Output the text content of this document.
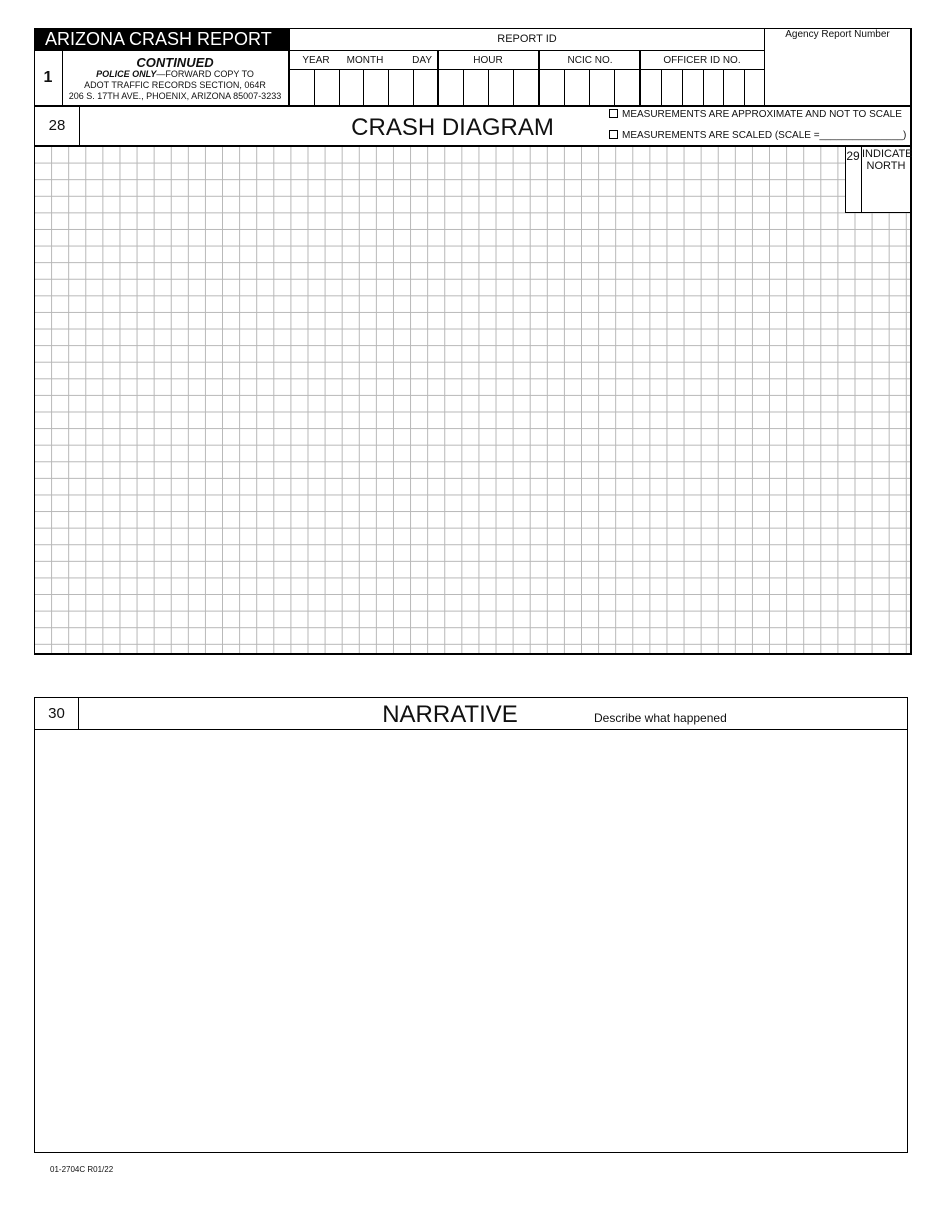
ARIZONA CRASH REPORT
1
CONTINUED
POLICE ONLY—FORWARD COPY TO
ADOT TRAFFIC RECORDS SECTION, 064R
206 S. 17TH AVE., PHOENIX, ARIZONA 85007-3233
REPORT ID	Agency Report Number
YEAR	MONTH	DAY	HOUR	NCIC NO.	OFFICER ID NO.
28	CRASH DIAGRAM	MEASUREMENTS ARE APPROXIMATE AND NOT TO SCALE
MEASUREMENTS ARE SCALED (SCALE =_______________)
29 INDICATE
NORTH
30	NARRATIVE	Describe what happened
01-2704C R01/22
